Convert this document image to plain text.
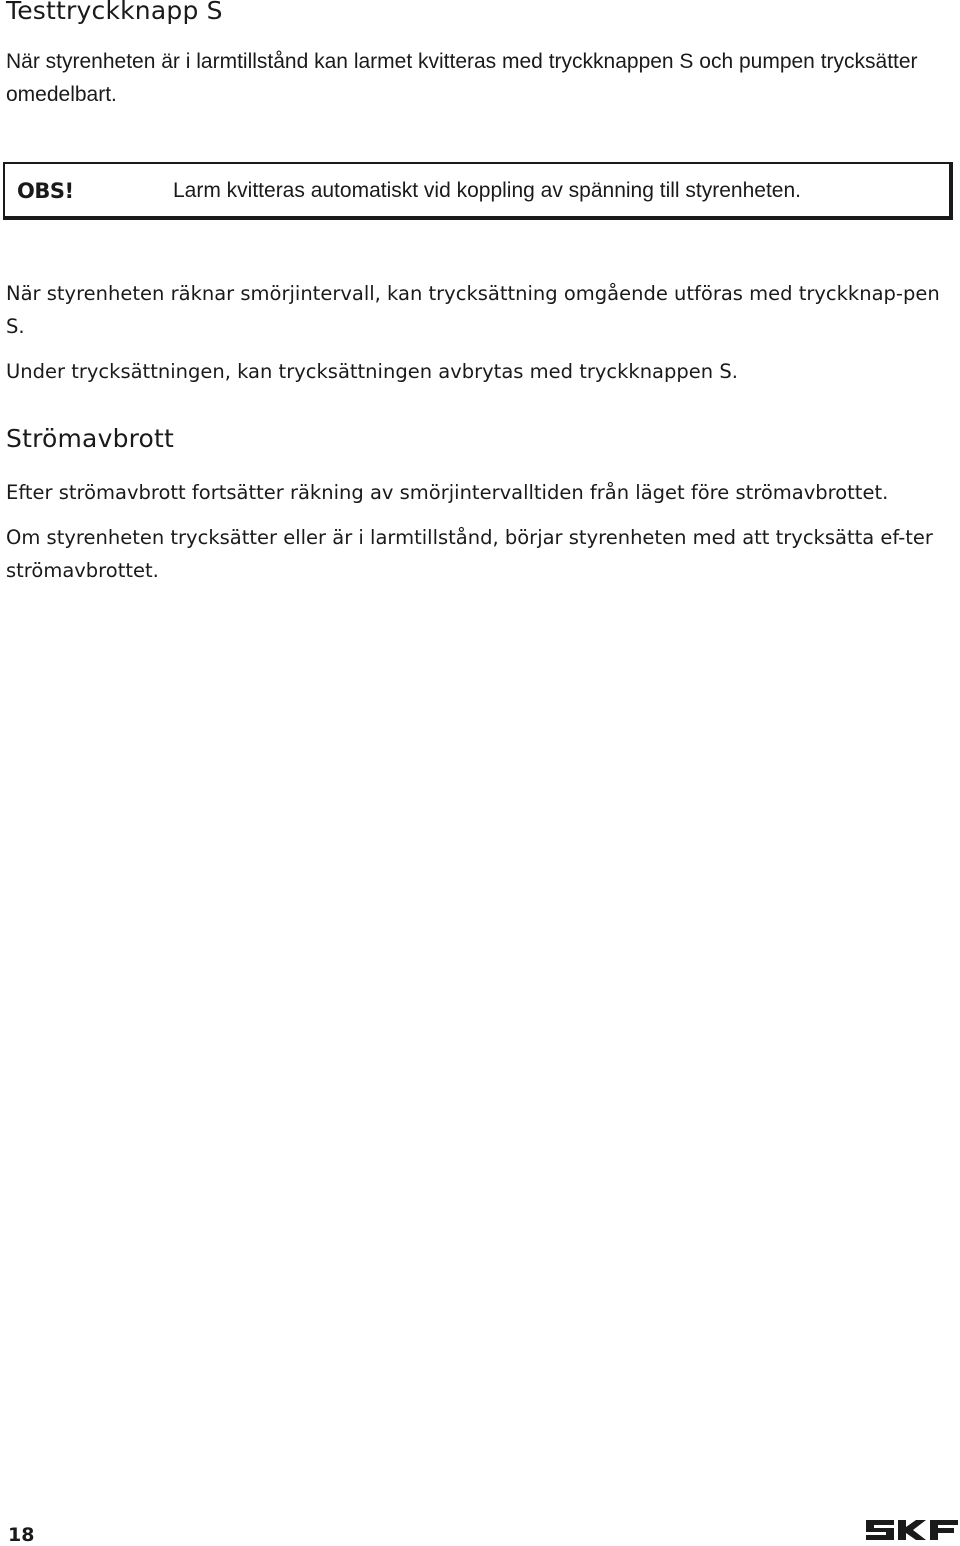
Testtryckknapp S

När styrenheten är i larmtillstånd kan larmet kvitteras med tryckknappen S och pumpen trycksätter omedelbart.

OBS!	Larm kvitteras automatiskt vid koppling av spänning till styrenheten.

När styrenheten räknar smörjintervall, kan trycksättning omgående utföras med tryckknap-pen S.

Under trycksättningen, kan trycksättningen avbrytas med tryckknappen S.

Strömavbrott

Efter strömavbrott fortsätter räkning av smörjintervalltiden från läget före strömavbrottet.

Om styrenheten trycksätter eller är i larmtillstånd, börjar styrenheten med att trycksätta ef-ter strömavbrottet.

18
